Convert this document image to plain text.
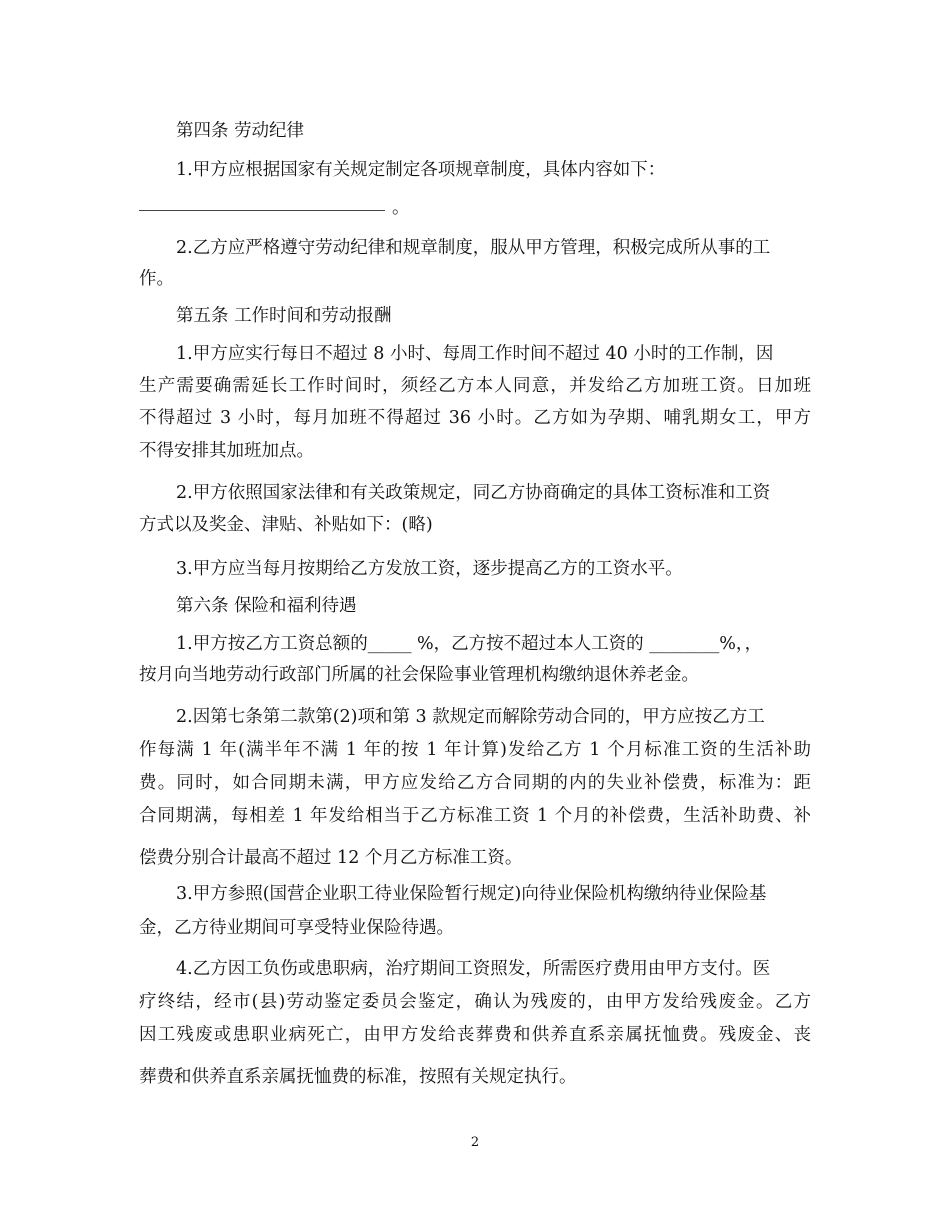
第四条 劳动纪律
1.甲方应根据国家有关规定制定各项规章制度，具体内容如下：
。
2.乙方应严格遵守劳动纪律和规章制度，服从甲方管理，积极完成所从事的工
作。
第五条 工作时间和劳动报酬
1.甲方应实行每日不超过 8 小时、每周工作时间不超过 40 小时的工作制，因
生产需要确需延长工作时间时，须经乙方本人同意，并发给乙方加班工资。日加班
不得超过 3 小时，每月加班不得超过 36 小时。乙方如为孕期、哺乳期女工，甲方
不得安排其加班加点。
2.甲方依照国家法律和有关政策规定，同乙方协商确定的具体工资标准和工资
方式以及奖金、津贴、补贴如下：(略)
3.甲方应当每月按期给乙方发放工资，逐步提高乙方的工资水平。
第六条 保险和福利待遇
1.甲方按乙方工资总额的_____ %，乙方按不超过本人工资的 ________%，，
按月向当地劳动行政部门所属的社会保险事业管理机构缴纳退休养老金。
2.因第七条第二款第(2)项和第 3 款规定而解除劳动合同的，甲方应按乙方工
作每满 1 年(满半年不满 1 年的按 1 年计算)发给乙方 1 个月标准工资的生活补助
费。同时，如合同期未满，甲方应发给乙方合同期的内的失业补偿费，标准为：距
合同期满，每相差 1 年发给相当于乙方标准工资 1 个月的补偿费，生活补助费、补
偿费分别合计最高不超过 12 个月乙方标准工资。
3.甲方参照(国营企业职工待业保险暂行规定)向待业保险机构缴纳待业保险基
金，乙方待业期间可享受特业保险待遇。
4.乙方因工负伤或患职病，治疗期间工资照发，所需医疗费用由甲方支付。医
疗终结，经市(县)劳动鉴定委员会鉴定，确认为残废的，由甲方发给残废金。乙方
因工残废或患职业病死亡，由甲方发给丧葬费和供养直系亲属抚恤费。残废金、丧
葬费和供养直系亲属抚恤费的标准，按照有关规定执行。
2
